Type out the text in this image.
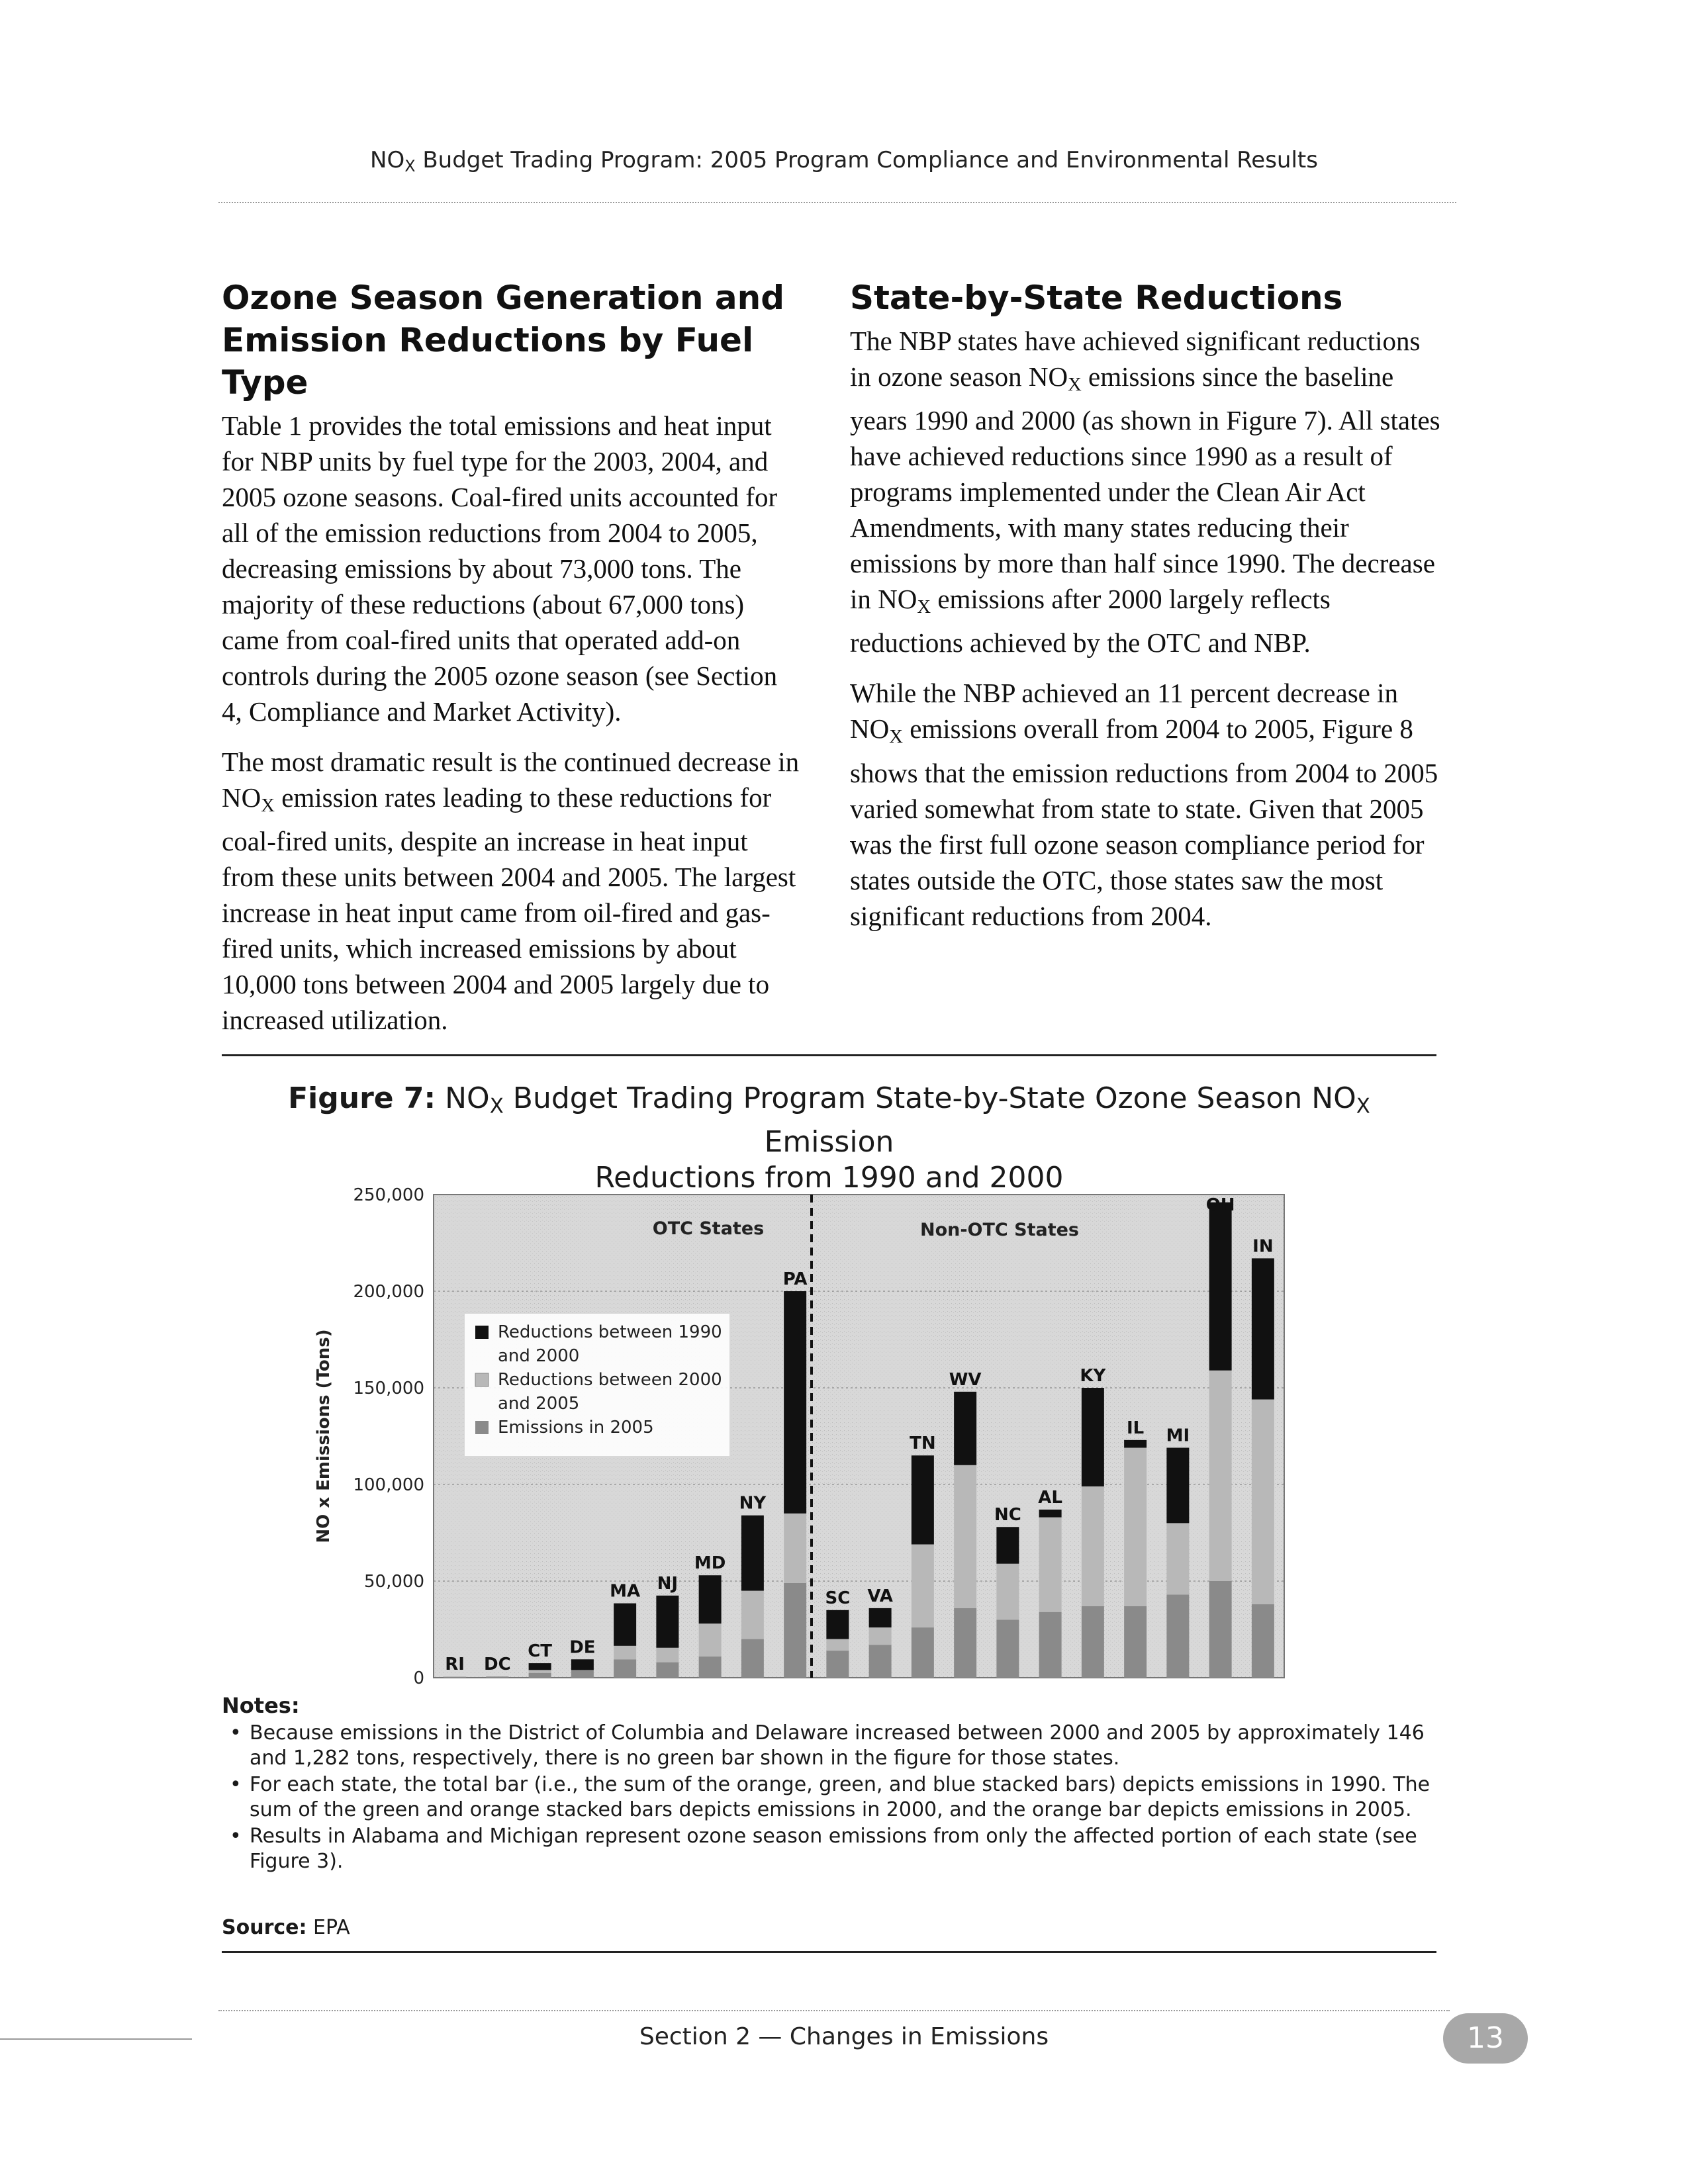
$NO_X$ Budget Trading Program: 2005 Program Compliance and Environmental Results
Ozone Season Generation and Emission Reductions by Fuel Type

Table 1 provides the total emissions and heat input for NBP units by fuel type for the 2003, 2004, and 2005 ozone seasons. Coal-fired units accounted for all of the emission reductions from 2004 to 2005, decreasing emissions by about 73,000 tons. The majority of these reductions (about 67,000 tons) came from coal-fired units that operated add-on controls during the 2005 ozone season (see Section 4, Compliance and Market Activity).

The most dramatic result is the continued decrease in $NO_X$ emission rates leading to these reductions for coal-fired units, despite an increase in heat input from these units between 2004 and 2005. The largest increase in heat input came from oil-fired and gas-fired units, which increased emissions by about 10,000 tons between 2004 and 2005 largely due to increased utilization.

State-by-State Reductions

The NBP states have achieved significant reductions in ozone season $NO_X$ emissions since the baseline years 1990 and 2000 (as shown in Figure 7). All states have achieved reductions since 1990 as a result of programs implemented under the Clean Air Act Amendments, with many states reducing their emissions by more than half since 1990. The decrease in $NO_X$ emissions after 2000 largely reflects reductions achieved by the OTC and NBP.

While the NBP achieved an 11 percent decrease in $NO_X$ emissions overall from 2004 to 2005, Figure 8 shows that the emission reductions from 2004 to 2005 varied somewhat from state to state. Given that 2005 was the first full ozone season compliance period for states outside the OTC, those states saw the most significant reductions from 2004.

Figure 7: $NO_X$ Budget Trading Program State-by-State Ozone Season $NO_X$ Emission
Reductions from 1990 and 2000
0
50,000
100,000
150,000
200,000
250,000
NO x Emissions (Tons)
RI DC
CT DE
MA NJ
MD
NY
PA
SC VA
TN
WV
NC
AL
KY
IL MI
OH
IN
OTC States	Non-OTC States
Reductions between 1990 and 2000
Reductions between 2000 and 2005
Emissions in 2005
Notes:
• Because emissions in the District of Columbia and Delaware increased between 2000 and 2005 by approximately 146 and 1,282 tons, respectively, there is no green bar shown in the figure for those states.
• For each state, the total bar (i.e., the sum of the orange, green, and blue stacked bars) depicts emissions in 1990. The sum of the green and orange stacked bars depicts emissions in 2000, and the orange bar depicts emissions in 2005.
• Results in Alabama and Michigan represent ozone season emissions from only the affected portion of each state (see Figure 3).
Source: EPA
Section 2 — Changes in Emissions	13
